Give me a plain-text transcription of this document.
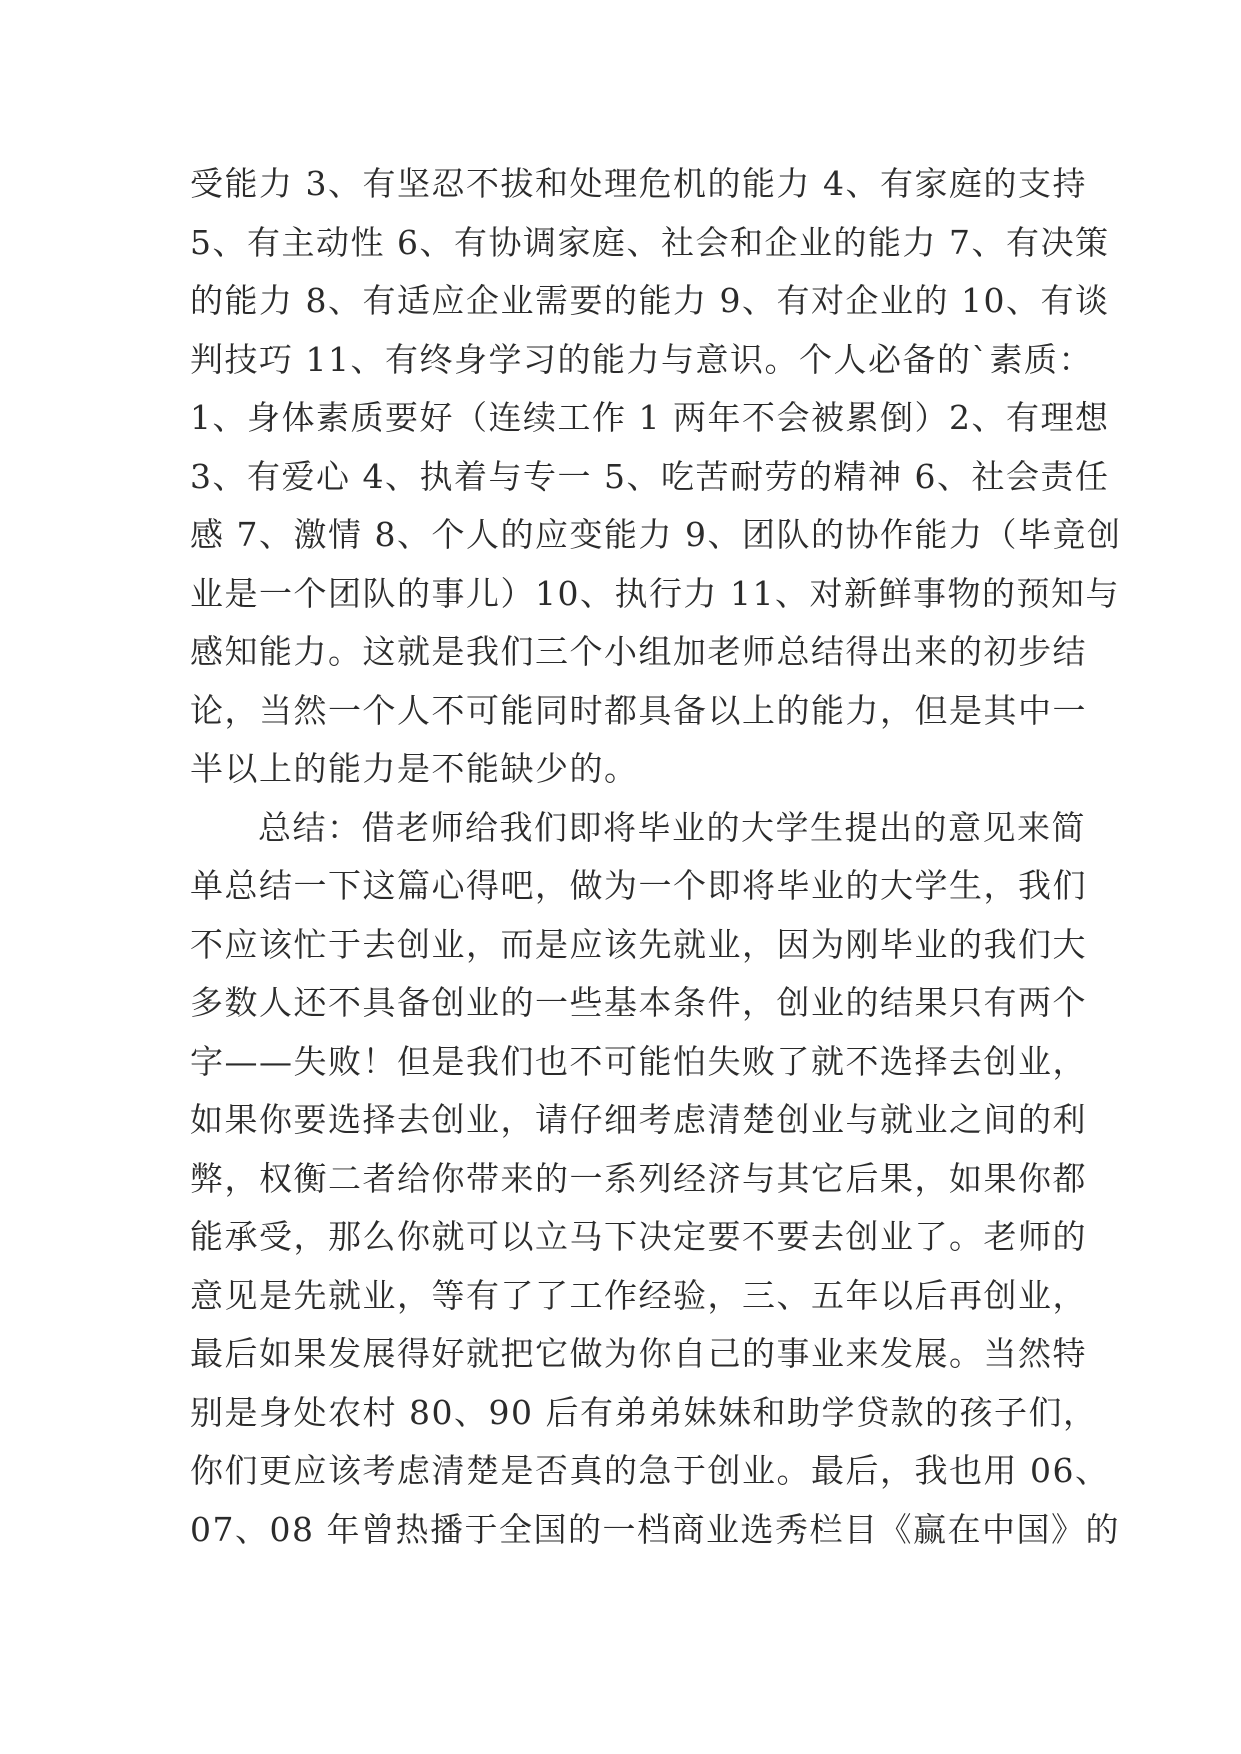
受能力 3、有坚忍不拔和处理危机的能力 4、有家庭的支持
5、有主动性 6、有协调家庭、社会和企业的能力 7、有决策
的能力 8、有适应企业需要的能力 9、有对企业的 10、有谈
判技巧 11、有终身学习的能力与意识。个人必备的`素质：
1、身体素质要好（连续工作 1 两年不会被累倒）2、有理想
3、有爱心 4、执着与专一 5、吃苦耐劳的精神 6、社会责任
感 7、激情 8、个人的应变能力 9、团队的协作能力（毕竟创
业是一个团队的事儿）10、执行力 11、对新鲜事物的预知与
感知能力。这就是我们三个小组加老师总结得出来的初步结
论，当然一个人不可能同时都具备以上的能力，但是其中一
半以上的能力是不能缺少的。
总结：借老师给我们即将毕业的大学生提出的意见来简
单总结一下这篇心得吧，做为一个即将毕业的大学生，我们
不应该忙于去创业，而是应该先就业，因为刚毕业的我们大
多数人还不具备创业的一些基本条件，创业的结果只有两个
字——失败！但是我们也不可能怕失败了就不选择去创业，
如果你要选择去创业，请仔细考虑清楚创业与就业之间的利
弊，权衡二者给你带来的一系列经济与其它后果，如果你都
能承受，那么你就可以立马下决定要不要去创业了。老师的
意见是先就业，等有了了工作经验，三、五年以后再创业，
最后如果发展得好就把它做为你自己的事业来发展。当然特
别是身处农村 80、90 后有弟弟妹妹和助学贷款的孩子们，
你们更应该考虑清楚是否真的急于创业。最后，我也用 06、
07、08 年曾热播于全国的一档商业选秀栏目《赢在中国》的
